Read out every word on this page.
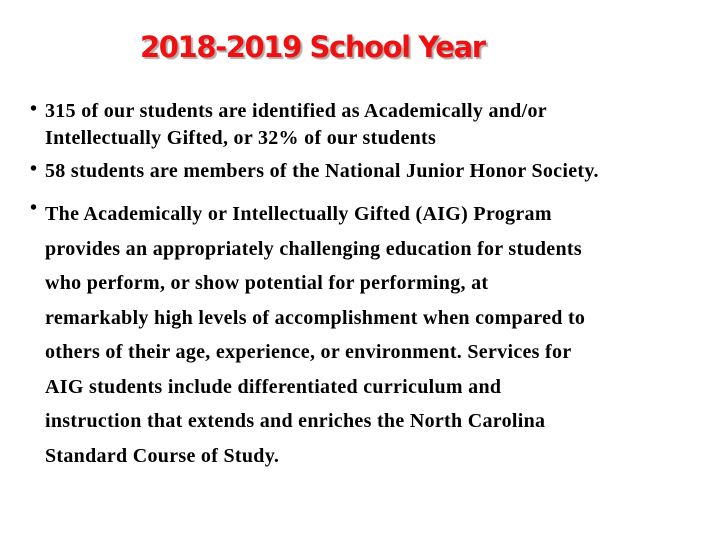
2018-2019 School Year
• 315 of our students are identified as Academically and/or
Intellectually Gifted, or 32% of our students
• 58 students are members of the National Junior Honor Society.
• The Academically or Intellectually Gifted (AIG) Program
provides an appropriately challenging education for students
who perform, or show potential for performing, at
remarkably high levels of accomplishment when compared to
others of their age, experience, or environment. Services for
AIG students include differentiated curriculum and
instruction that extends and enriches the North Carolina
Standard Course of Study.
